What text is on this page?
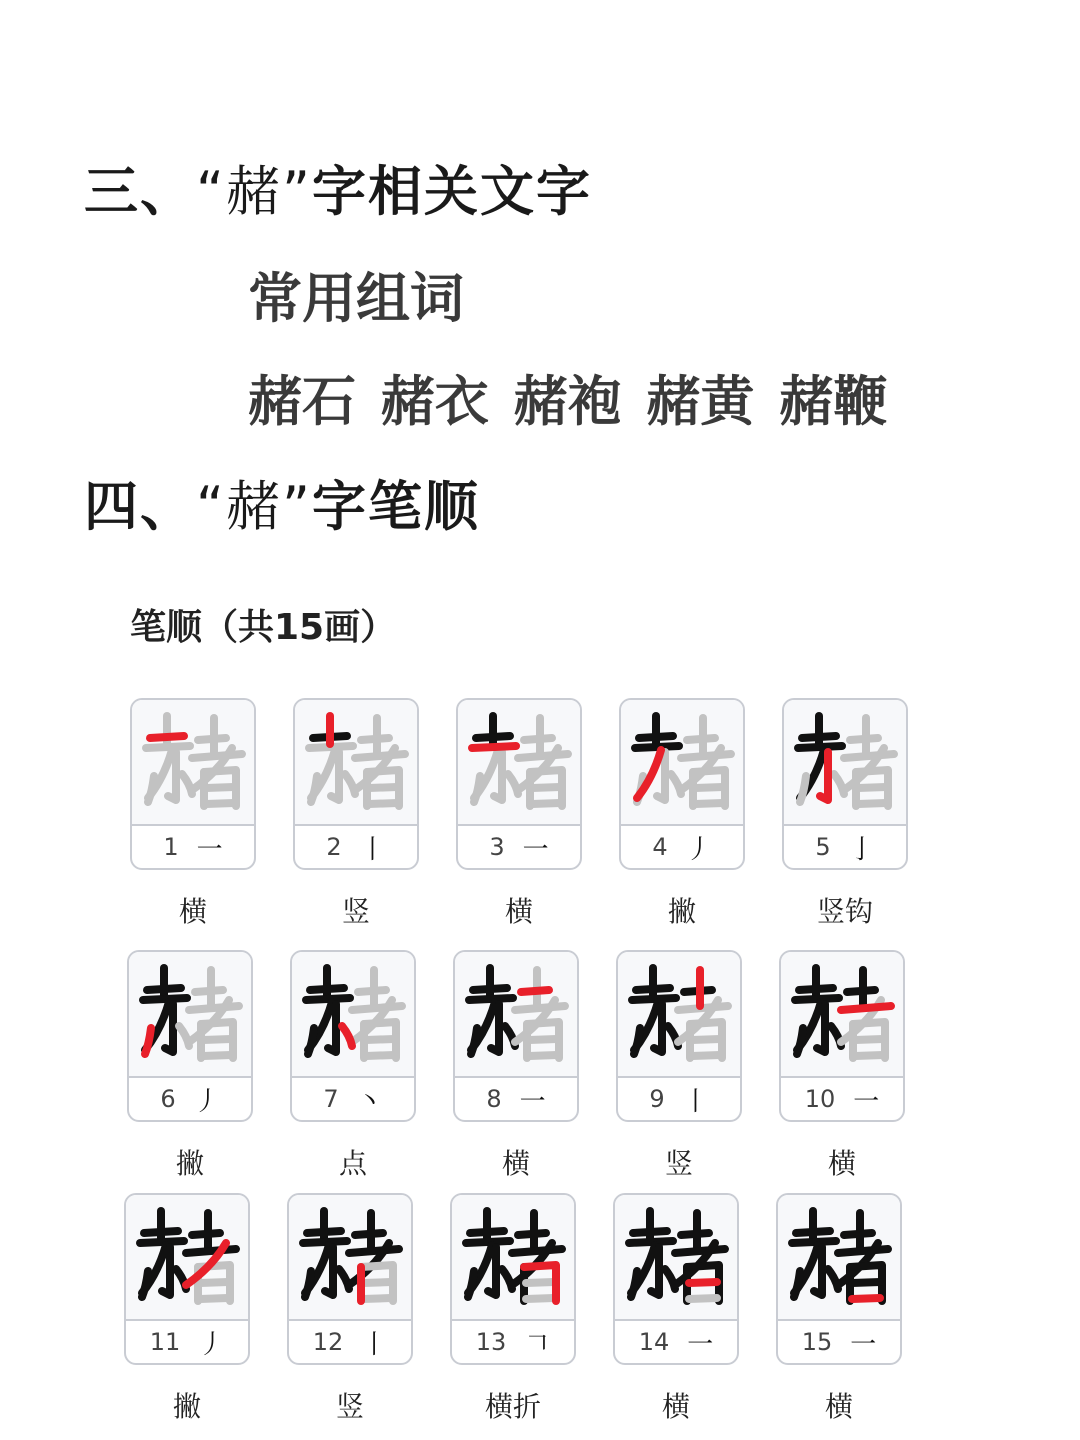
三、“赭”字相关文字
常用组词

赭石 赭衣 赭袍 赭黄 赭鞭

四、“赭”字笔顺
笔顺（共15画）
1 一
横
2 丨
竖
3 一
横
4 丿
撇
5 亅
竖钩
6 丿
撇
7 丶
点
8 一
横
9 丨
竖
10 一
横
11 丿
撇
12 丨
竖
13 𠃍
横折
14 一
横
15 一
横
